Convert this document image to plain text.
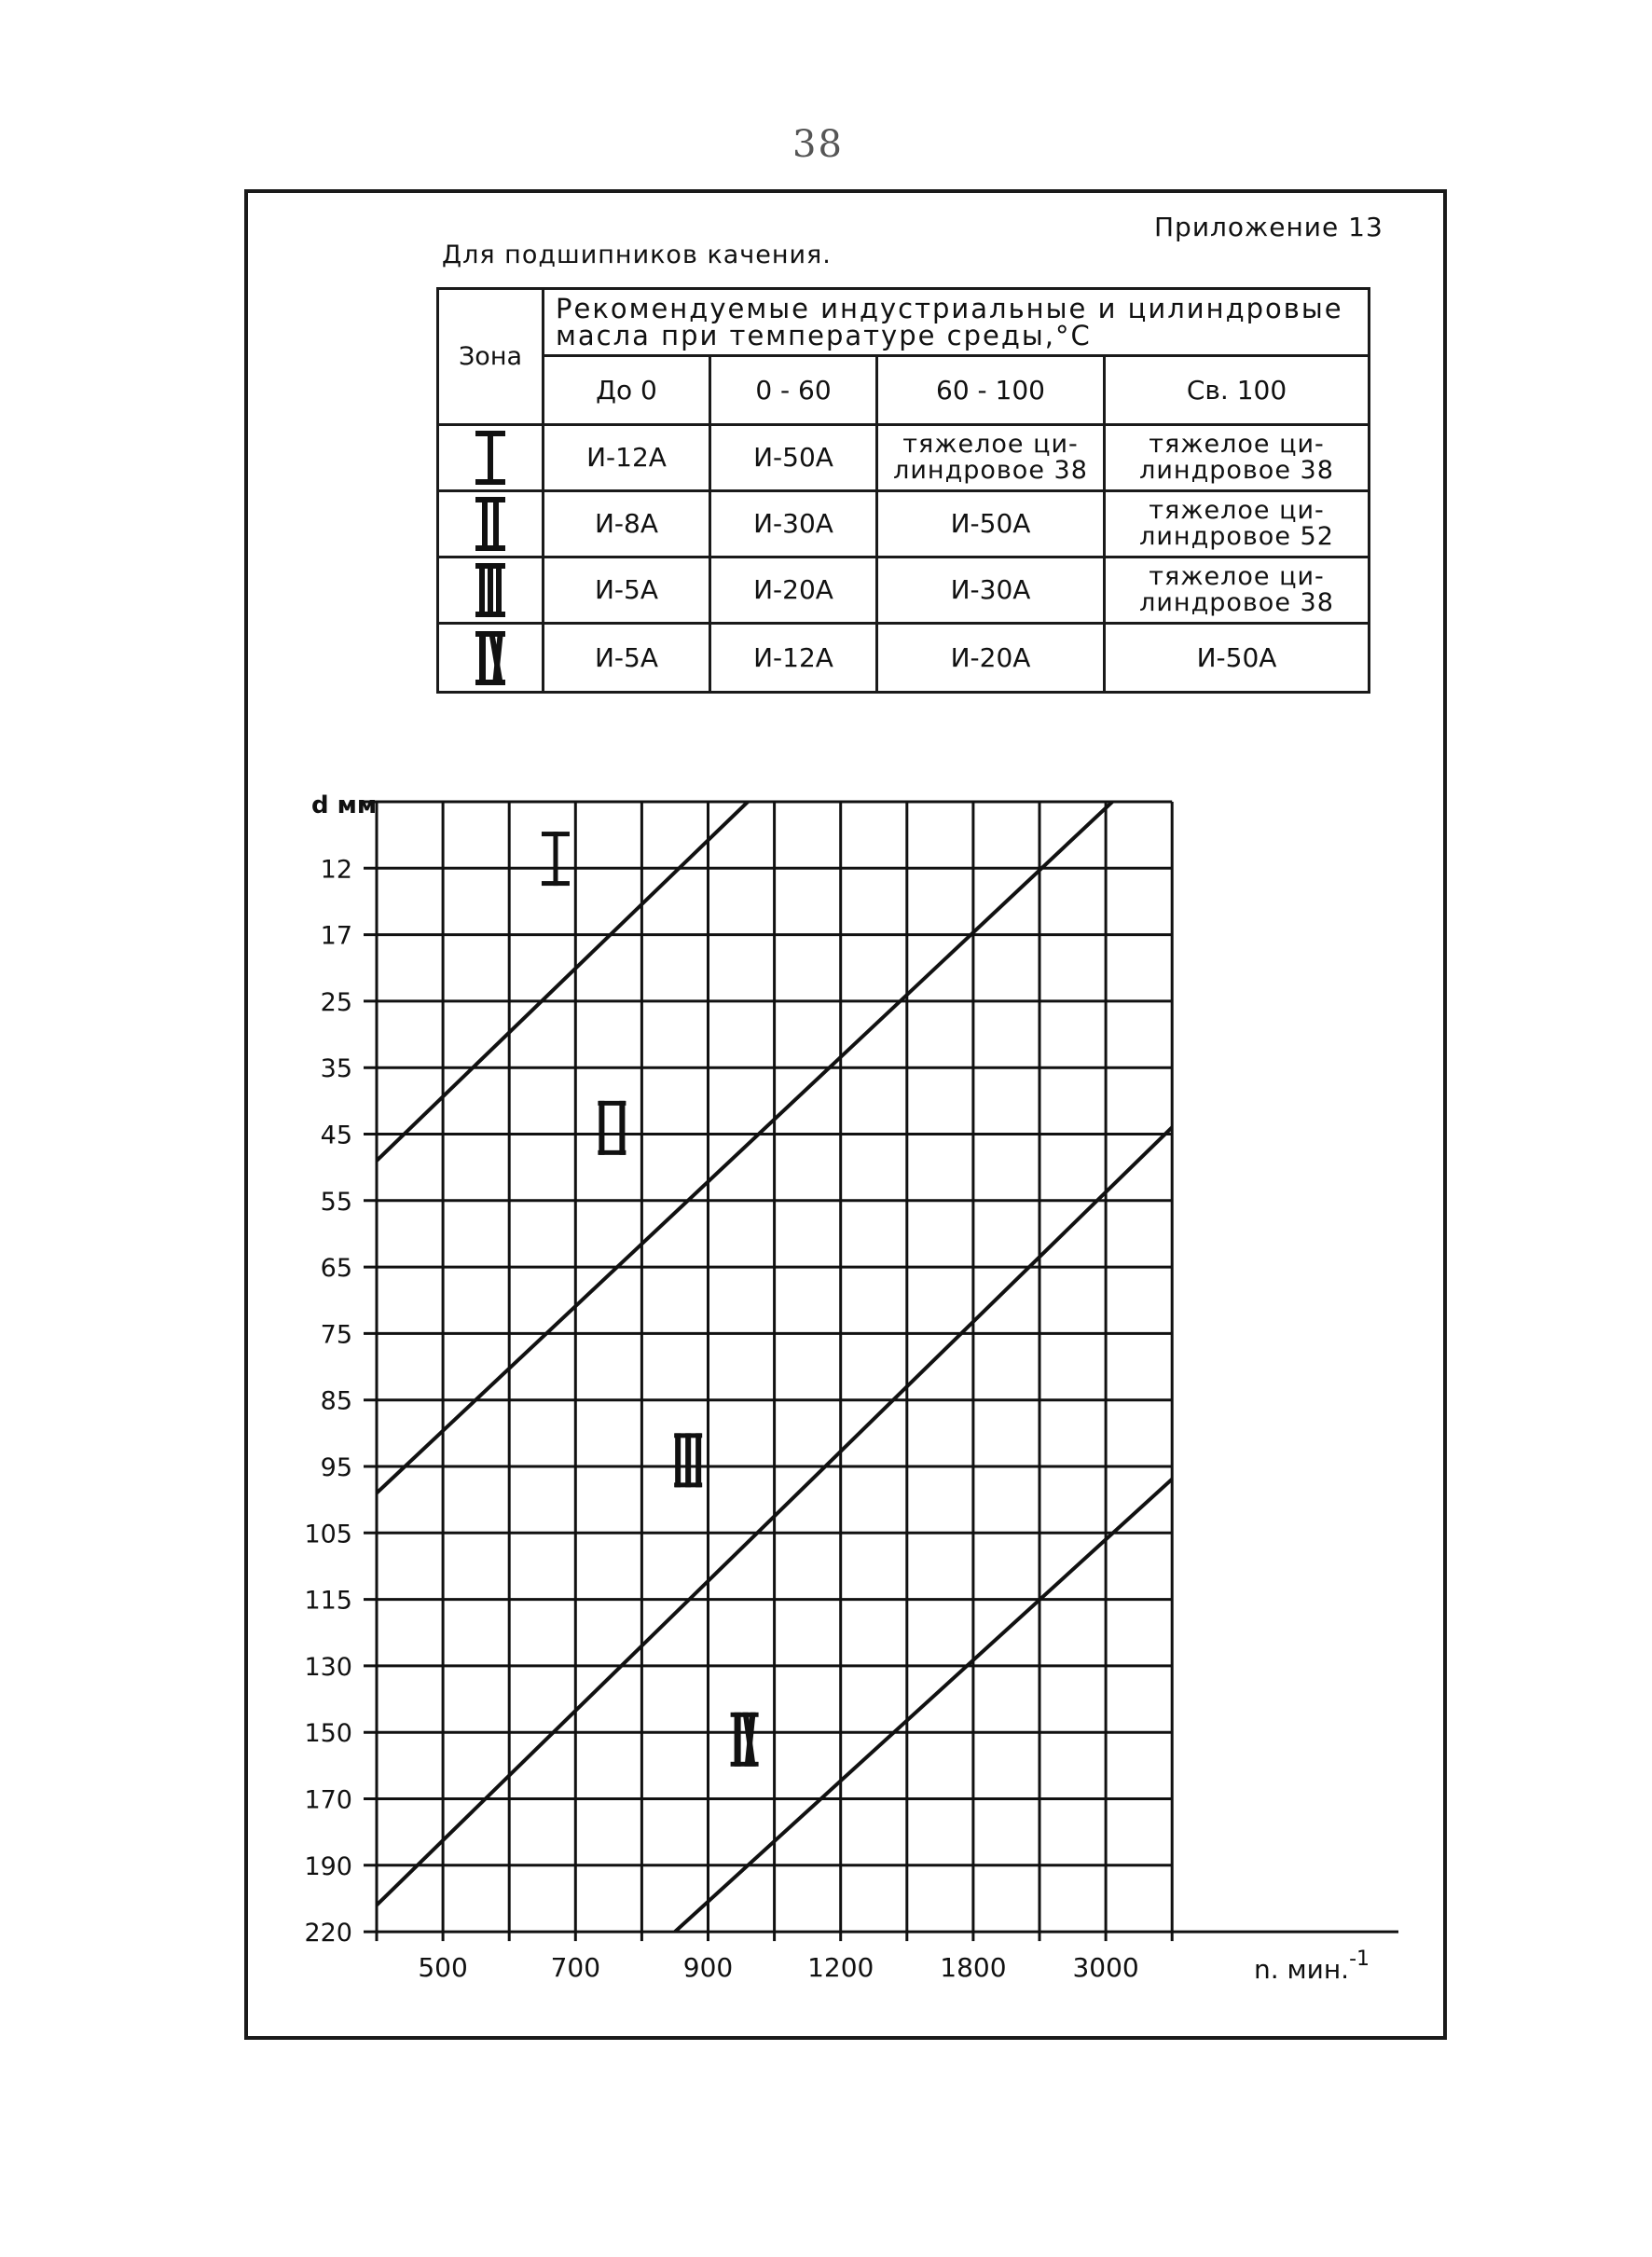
38
Приложение 13
Для подшипников качения.
Зона	Рекомендуемые индустриальные и цилиндровые масла при температуре среды,°С			
	До 0	0 - 60	60 - 100	Св. 100

	И-12А	И-50А	тяжелое ци- линдровое 38	тяжелое ци- линдровое 38

	И-8А	И-30А	И-50А	тяжелое ци- линдровое 52

	И-5А	И-20А	И-30А	тяжелое ци- линдровое 38

	И-5А	И-12А	И-20А	И-50А
d мм
12
17
25
35
45
55
65
75
85
95
105
115
130
150
170
190
220
500	700	900	1200	1800	3000	n. мин.$^{-1}$
